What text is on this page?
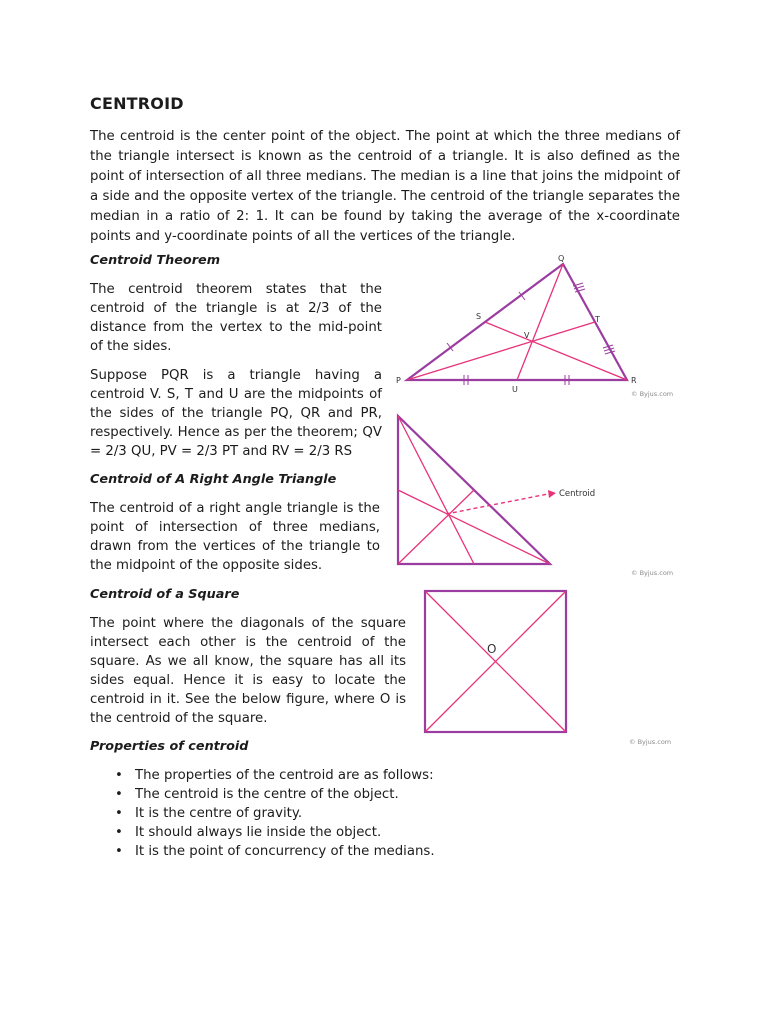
CENTROID

The centroid is the center point of the object. The point at which the three medians of the triangle intersect is known as the centroid of a triangle. It is also defined as the point of intersection of all three medians. The median is a line that joins the midpoint of a side and the opposite vertex of the triangle. The centroid of the triangle separates the median in a ratio of 2: 1. It can be found by taking the average of the x-coordinate points and y-coordinate points of all the vertices of the triangle.

Centroid Theorem

The centroid theorem states that the centroid of the triangle is at 2/3 of the distance from the vertex to the mid-point of the sides.

Suppose PQR is a triangle having a centroid V. S, T and U are the midpoints of the sides of the triangle PQ, QR and PR, respectively. Hence as per the theorem; QV = 2/3 QU, PV = 2/3 PT and RV = 2/3 RS

P
Q
R
S	T
U
V
© Byjus.com
Centroid of A Right Angle Triangle

The centroid of a right angle triangle is the point of intersection of three medians, drawn from the vertices of the triangle to the midpoint of the opposite sides.

Centroid
© Byjus.com
Centroid of a Square

The point where the diagonals of the square intersect each other is the centroid of the square. As we all know, the square has all its sides equal. Hence it is easy to locate the centroid in it. See the below figure, where O is the centroid of the square.

O
© Byjus.com
Properties of centroid
• The properties of the centroid are as follows:
• The centroid is the centre of the object.
• It is the centre of gravity.
• It should always lie inside the object.
• It is the point of concurrency of the medians.
